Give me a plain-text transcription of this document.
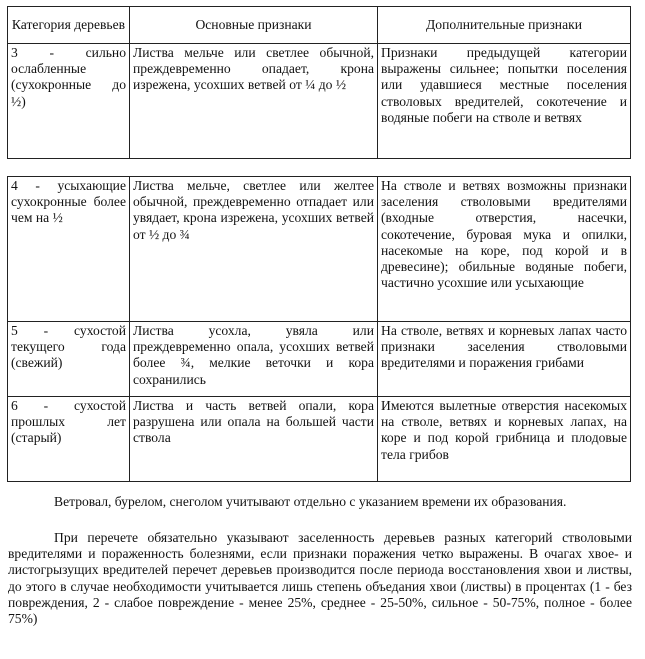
Категория деревьев	Основные признаки	Дополнительные признаки
3 - сильно ослабленные (сухокронные до ½)	Листва мельче или светлее обычной, преждевременно опадает, крона изрежена, усохших ветвей от ¼ до ½	Признаки предыдущей категории выражены сильнее; попытки поселения или удавшиеся местные поселения стволовых вредителей, сокотечение и водяные побеги на стволе и ветвях
4 - усыхающие сухокронные более чем на ½	Листва мельче, светлее или желтее обычной, преждевременно отпадает или увядает, крона изрежена, усохших ветвей от ½ до ¾	На стволе и ветвях возможны признаки заселения стволовыми вредителями (входные отверстия, насечки, сокотечение, буровая мука и опилки, насекомые на коре, под корой и в древесине); обильные водяные побеги, частично усохшие или усыхающие
5 - сухостой текущего года (свежий)	Листва усохла, увяла или преждевременно опала, усохших ветвей более ¾, мелкие веточки и кора сохранились	На стволе, ветвях и корневых лапах часто признаки заселения стволовыми вредителями и поражения грибами
6 - сухостой прошлых лет (старый)	Листва и часть ветвей опали, кора разрушена или опала на большей части ствола	Имеются вылетные отверстия насекомых на стволе, ветвях и корневых лапах, на коре и под корой грибница и плодовые тела грибов

Ветровал, бурелом, снеголом учитывают отдельно с указанием времени их образования.

При перечете обязательно указывают заселенность деревьев разных категорий стволовыми вредителями и пораженность болезнями, если признаки поражения четко выражены. В очагах хвое- и листогрызущих вредителей перечет деревьев производится после периода восстановления хвои и листвы, до этого в случае необходимости учитывается лишь степень объедания хвои (листвы) в процентах (1 - без повреждения, 2 - слабое повреждение - менее 25%, среднее - 25-50%, сильное - 50-75%, полное - более 75%)
